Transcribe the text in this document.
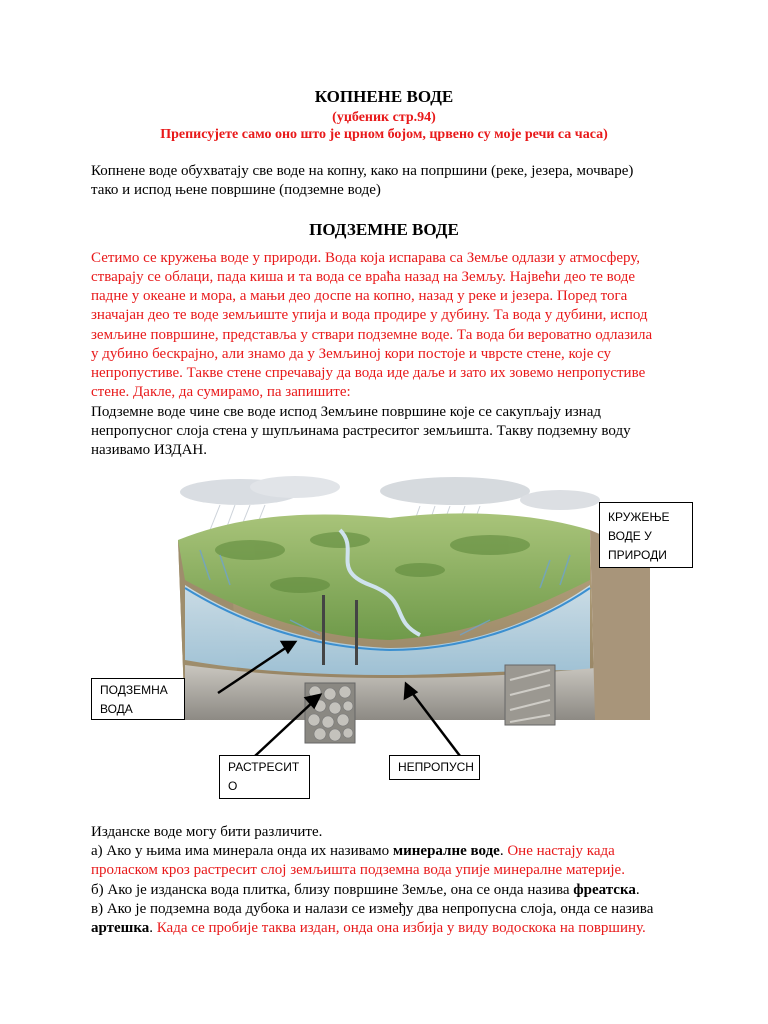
КОПНЕНЕ ВОДЕ
(уџбеник стр.94)
Преписујете само оно што је црном бојом, црвено су моје речи са часа)
Копнене воде обухватају све воде на копну, како на попршини (реке, језера, мочваре)
тако и испод њене површине (подземне воде)
ПОДЗЕМНЕ ВОДЕ
Сетимо се кружења воде у природи. Вода која испарава са Земље одлази у атмосферу,
стварају се облаци, пада киша и та вода се враћа назад на Земљу. Највећи део те воде
падне у океане и мора, а мањи део доспе на копно, назад у реке и језера. Поред тога
значајан део те воде земљиште упија и вода продире у дубину. Та вода у дубини, испод
земљине површине, представља у ствари подземне воде. Та вода би вероватно одлазила
у дубино бескрајно, али знамо да у Земљиној кори постоје и чврсте стене, које су
непропустиве. Такве стене спречавају да вода иде даље и зато их зовемо непропустиве
стене. Дакле, да сумирамо, па запишите:
Подземне воде чине све воде испод Земљине површине које се сакупљају изнад
непропусног слоја стена у шупљинама растреситог земљишта. Такву подземну воду
називамо ИЗДАН.
КРУЖЕЊЕ
ВОДЕ У
ПРИРОДИ
ПОДЗЕМНА
ВОДА
РАСТРЕСИТ
О
НЕПРОПУСН
Изданске воде могу бити различите.
а) Ако у њима има минерала онда их називамо минералне воде. Оне настају када
проласком кроз растресит слој земљишта подземна вода упије минералне материје.
б) Ако је изданска вода плитка, близу површине Земље, она се онда назива фреатска.
в) Ако је подземна вода дубока и налази се између два непропусна слоја, онда се назива
артешка. Када се пробије таква издан, онда она избија у виду водоскока на површину.
